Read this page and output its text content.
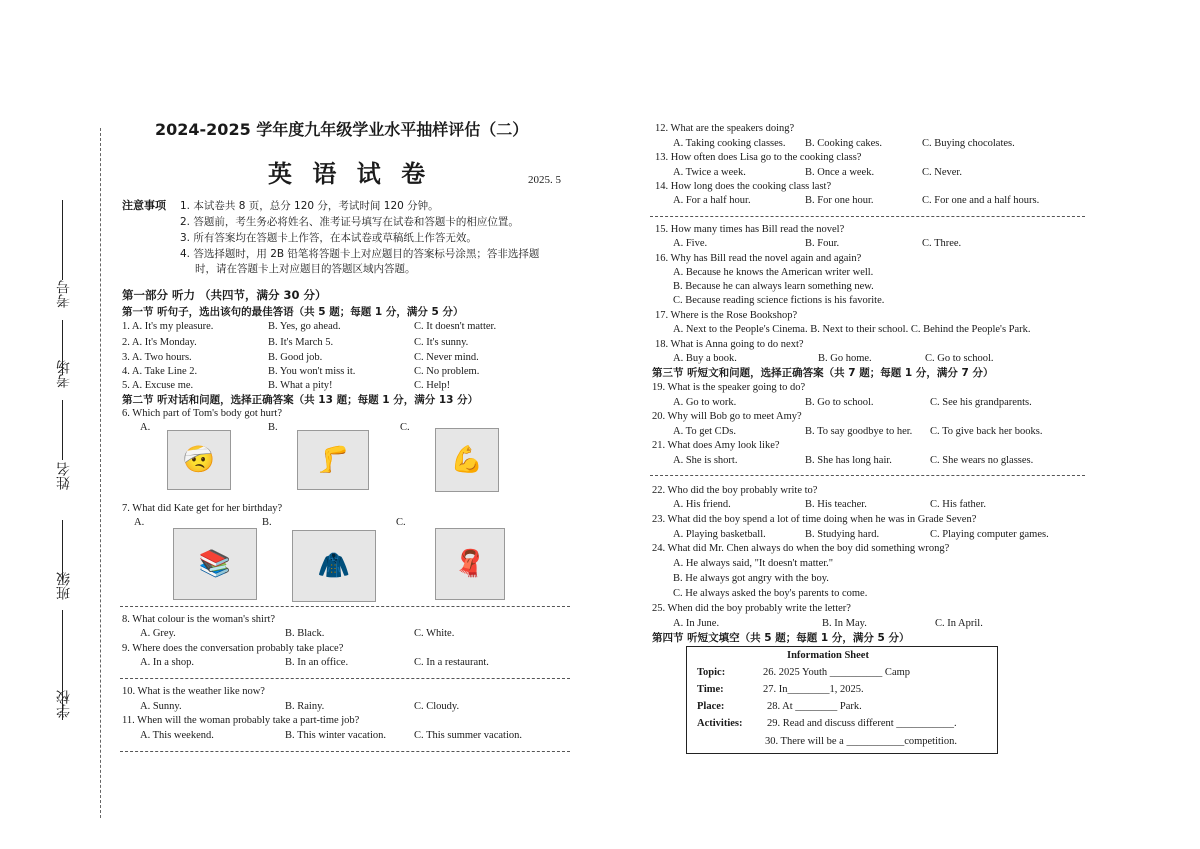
学校
班级
姓名
考场
考号
2024-2025 学年度九年级学业水平抽样评估（二）
英 语 试 卷	2025. 5
注意事项 1. 本试卷共 8 页，总分 120 分，考试时间 120 分钟。
2. 答题前，考生务必将姓名、准考证号填写在试卷和答题卡的相应位置。
3. 所有答案均在答题卡上作答，在本试卷或草稿纸上作答无效。
4. 答选择题时，用 2B 铅笔将答题卡上对应题目的答案标号涂黑；答非选择题
时，请在答题卡上对应题目的答题区域内答题。
第一部分 听力 （共四节，满分 30 分）
第一节 听句子，选出该句的最佳答语（共 5 题；每题 1 分，满分 5 分）
1. A. It's my pleasure.	B. Yes, go ahead.	C. It doesn't matter.
2. A. It's Monday.	B. It's March 5.	C. It's sunny.
3. A. Two hours.	B. Good job.	C. Never mind.
4. A. Take Line 2.	B. You won't miss it.	C. No problem.
5. A. Excuse me.	B. What a pity!	C. Help!
第二节 听对话和问题，选择正确答案（共 13 题；每题 1 分，满分 13 分）
6. Which part of Tom's body got hurt?
A.	B.	C.
🤕	🦵	💪
7. What did Kate get for her birthday?
A.	B.	C.
📚	🧥	🧣
8. What colour is the woman's shirt?
A. Grey.	B. Black.	C. White.
9. Where does the conversation probably take place?
A. In a shop.	B. In an office.	C. In a restaurant.
10. What is the weather like now?
A. Sunny.	B. Rainy.	C. Cloudy.
11. When will the woman probably take a part-time job?
A. This weekend.	B. This winter vacation.	C. This summer vacation.
12. What are the speakers doing?
A. Taking cooking classes. B. Cooking cakes.	C. Buying chocolates.
13. How often does Lisa go to the cooking class?
A. Twice a week.	B. Once a week.	C. Never.
14. How long does the cooking class last?
A. For a half hour.	B. For one hour.	C. For one and a half hours.
15. How many times has Bill read the novel?
A. Five.	B. Four.	C. Three.
16. Why has Bill read the novel again and again?
A. Because he knows the American writer well.
B. Because he can always learn something new.
C. Because reading science fictions is his favorite.
17. Where is the Rose Bookshop?
A. Next to the People's Cinema. B. Next to their school. C. Behind the People's Park.
18. What is Anna going to do next?
A. Buy a book.	B. Go home.	C. Go to school.
第三节 听短文和问题，选择正确答案（共 7 题；每题 1 分，满分 7 分）
19. What is the speaker going to do?
A. Go to work.	B. Go to school.	C. See his grandparents.
20. Why will Bob go to meet Amy?
A. To get CDs.	B. To say goodbye to her. C. To give back her books.
21. What does Amy look like?
A. She is short.	B. She has long hair.	C. She wears no glasses.
22. Who did the boy probably write to?
A. His friend.	B. His teacher.	C. His father.
23. What did the boy spend a lot of time doing when he was in Grade Seven?
A. Playing basketball.	B. Studying hard.	C. Playing computer games.
24. What did Mr. Chen always do when the boy did something wrong?
A. He always said, "It doesn't matter."
B. He always got angry with the boy.
C. He always asked the boy's parents to come.
25. When did the boy probably write the letter?
A. In June.	B. In May.	C. In April.
第四节 听短文填空（共 5 题；每题 1 分，满分 5 分）
Information Sheet
Topic:	26. 2025 Youth __________ Camp
Time:	27. In________1, 2025.
Place:	28. At ________ Park.
Activities: 29. Read and discuss different ___________.
30. There will be a ___________competition.
